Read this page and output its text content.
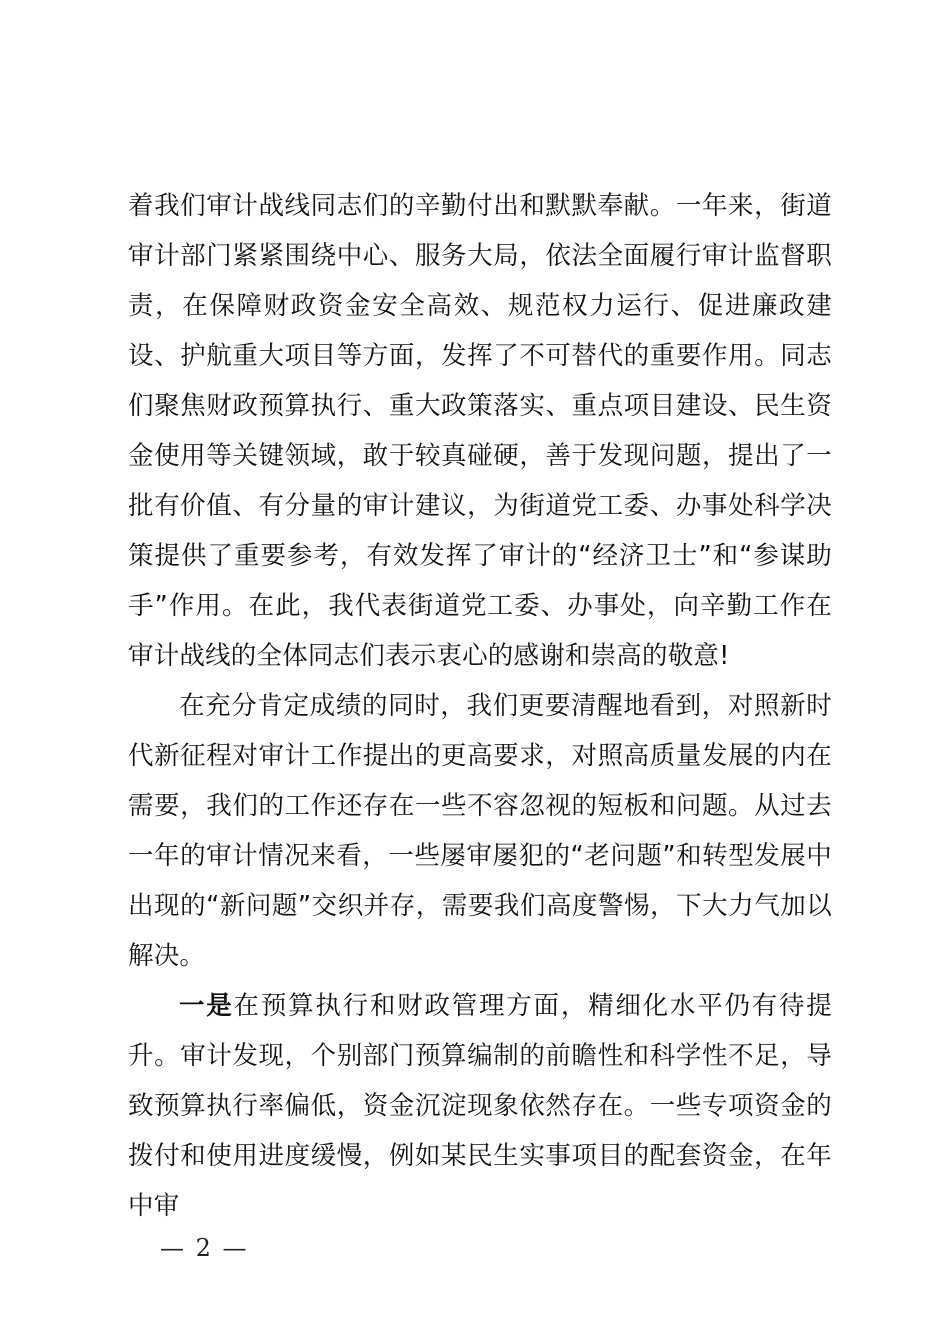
着我们审计战线同志们的辛勤付出和默默奉献。一年来，街道审计部门紧紧围绕中心、服务大局，依法全面履行审计监督职责，在保障财政资金安全高效、规范权力运行、促进廉政建设、护航重大项目等方面，发挥了不可替代的重要作用。同志们聚焦财政预算执行、重大政策落实、重点项目建设、民生资金使用等关键领域，敢于较真碰硬，善于发现问题，提出了一批有价值、有分量的审计建议，为街道党工委、办事处科学决策提供了重要参考，有效发挥了审计的“经济卫士”和“参谋助手”作用。在此，我代表街道党工委、办事处，向辛勤工作在审计战线的全体同志们表示衷心的感谢和崇高的敬意!

在充分肯定成绩的同时，我们更要清醒地看到，对照新时代新征程对审计工作提出的更高要求，对照高质量发展的内在需要，我们的工作还存在一些不容忽视的短板和问题。从过去一年的审计情况来看，一些屡审屡犯的“老问题”和转型发展中出现的“新问题”交织并存，需要我们高度警惕，下大力气加以解决。

一是在预算执行和财政管理方面，精细化水平仍有待提升。审计发现，个别部门预算编制的前瞻性和科学性不足，导致预算执行率偏低，资金沉淀现象依然存在。一些专项资金的拨付和使用进度缓慢，例如某民生实事项目的配套资金，在年中审

— 2 —
